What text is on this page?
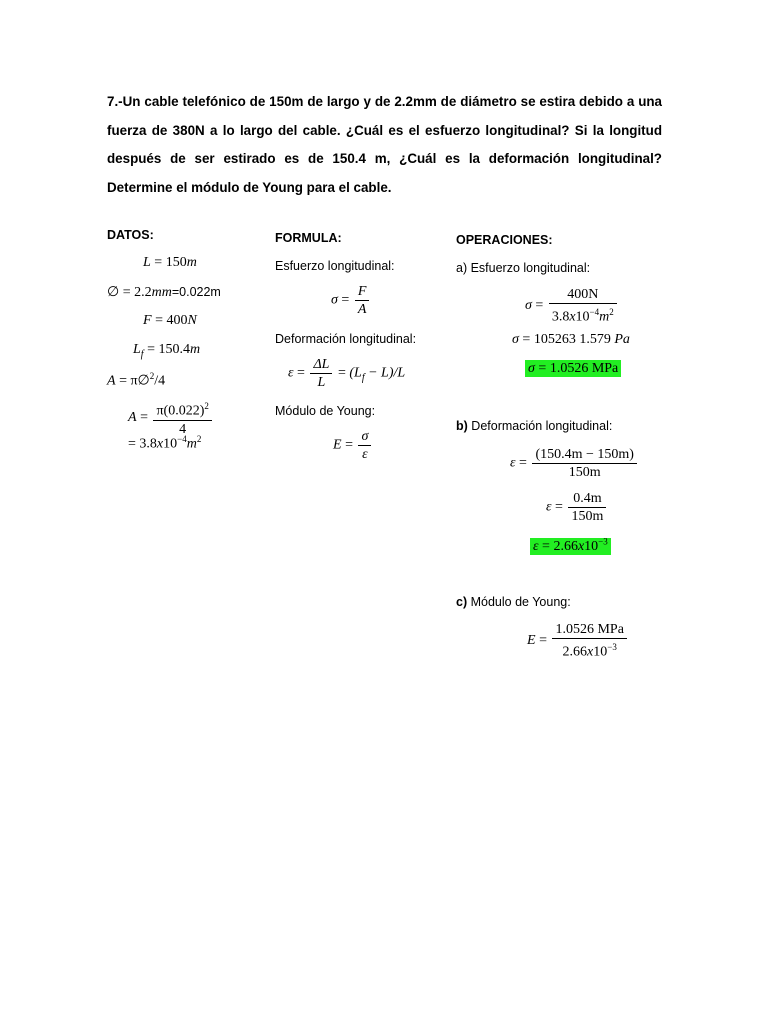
7.-Un cable telefónico de 150m de largo y de 2.2mm de diámetro se estira debido a una fuerza de 380N a lo largo del cable. ¿Cuál es el esfuerzo longitudinal? Si la longitud después de ser estirado es de 150.4 m, ¿Cuál es la deformación longitudinal? Determine el módulo de Young para el cable.
DATOS:
L = 150m
∅ = 2.2mm=0.022m
F = 400N
$L_f = 150.4m$
A = π∅$^2$/4
$A = \frac{\pi(0.022)^2}{4}$
= $3.8x10^{-4}m^2$
FORMULA:
Esfuerzo longitudinal:
$\sigma = \frac{F}{A}$
Deformación longitudinal:
$\varepsilon = \frac{\Delta L}{L} = (L_f - L)/L$
Módulo de Young:
$E = \frac{\sigma}{\varepsilon}$
OPERACIONES:
a) Esfuerzo longitudinal:
$\sigma = \frac{400N}{3.8x10^{-4}m^2}$
σ = 105263 1.579 Pa
σ = 1.0526 MPa
b) Deformación longitudinal:
$\varepsilon = \frac{(150.4m - 150m)}{150m}$
$\varepsilon = \frac{0.4m}{150m}$
$\varepsilon = 2.66x10^{-3}$
c) Módulo de Young:
$E = \frac{\text{1.0526 MPa}}{2.66x10^{-3}}$
